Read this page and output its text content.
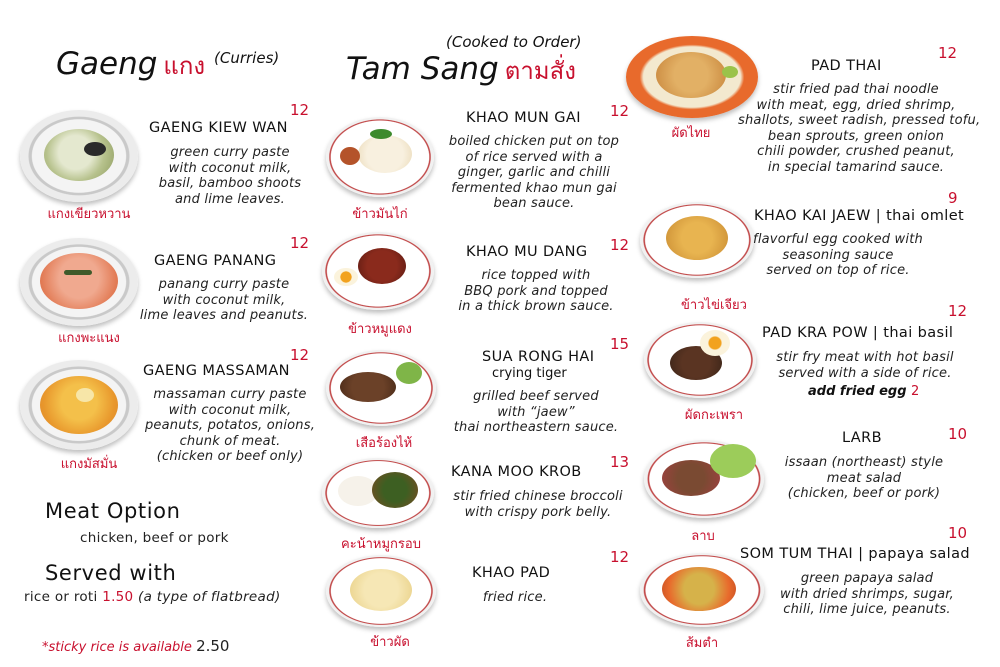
Gaeng แกง (Curries)
12
GAENG KIEW WAN
green curry paste
with coconut milk,
basil, bamboo shoots
and lime leaves.
แกงเขียวหวาน
12
GAENG PANANG
panang curry paste
with coconut milk,
lime leaves and peanuts.
แกงพะแนง
12
GAENG MASSAMAN
massaman curry paste
with coconut milk,
peanuts, potatos, onions,
chunk of meat.
(chicken or beef only)
แกงมัสมั่น
Meat Option
chicken, beef or pork
Served with
rice or roti 1.50 (a type of flatbread)
*sticky rice is available 2.50
(Cooked to Order)
Tam Sang ตามสั่ง
12
KHAO MUN GAI
boiled chicken put on top
of rice served with a
ginger, garlic and chilli
fermented khao mun gai
bean sauce.
ข้าวมันไก่
12
KHAO MU DANG
rice topped with
BBQ pork and topped
in a thick brown sauce.
ข้าวหมูแดง
15
SUA RONG HAI
crying tiger
grilled beef served
with “jaew”
thai northeastern sauce.
เสือร้องไห้
13
KANA MOO KROB
stir fried chinese broccoli
with crispy pork belly.
คะน้าหมูกรอบ
12
KHAO PAD
fried rice.
ข้าวผัด
12
PAD THAI
stir fried pad thai noodle
with meat, egg, dried shrimp,
shallots, sweet radish, pressed tofu,
bean sprouts, green onion
chili powder, crushed peanut,
in special tamarind sauce.
ผัดไทย
9
KHAO KAI JAEW | thai omlet
flavorful egg cooked with
seasoning sauce
served on top of rice.
ข้าวไข่เจียว	12
PAD KRA POW | thai basil
stir fry meat with hot basil
served with a side of rice.
add fried egg 2
ผัดกะเพรา
10
LARB
issaan (northeast) style
meat salad
(chicken, beef or pork)
ลาบ	10
SOM TUM THAI | papaya salad
green papaya salad
with dried shrimps, sugar,
chili, lime juice, peanuts.
ส้มตำ
